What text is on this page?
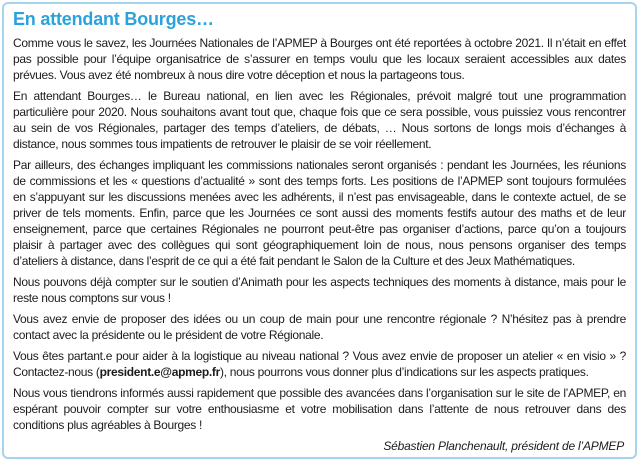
En attendant Bourges…

Comme vous le savez, les Journées Nationales de l’APMEP à Bourges ont été reportées à octobre 2021. Il n’était en effet pas possible pour l’équipe organisatrice de s’assurer en temps voulu que les locaux seraient accessibles aux dates prévues. Vous avez été nombreux à nous dire votre déception et nous la partageons tous.

En attendant Bourges… le Bureau national, en lien avec les Régionales, prévoit malgré tout une programmation particulière pour 2020. Nous souhaitons avant tout que, chaque fois que ce sera possible, vous puissiez vous rencontrer au sein de vos Régionales, partager des temps d’ateliers, de débats, … Nous sortons de longs mois d’échanges à distance, nous sommes tous impatients de retrouver le plaisir de se voir réellement.

Par ailleurs, des échanges impliquant les commissions nationales seront organisés : pendant les Journées, les réunions de commissions et les « questions d’actualité » sont des temps forts. Les positions de l’APMEP sont toujours formulées en s’appuyant sur les discussions menées avec les adhérents, il n’est pas envisageable, dans le contexte actuel, de se priver de tels moments. Enfin, parce que les Journées ce sont aussi des moments festifs autour des maths et de leur enseignement, parce que certaines Régionales ne pourront peut-être pas organiser d’actions, parce qu’on a toujours plaisir à partager avec des collègues qui sont géographiquement loin de nous, nous pensons organiser des temps d’ateliers à distance, dans l’esprit de ce qui a été fait pendant le Salon de la Culture et des Jeux Mathématiques.

Nous pouvons déjà compter sur le soutien d’Animath pour les aspects techniques des moments à distance, mais pour le reste nous comptons sur vous !

Vous avez envie de proposer des idées ou un coup de main pour une rencontre régionale ? N’hésitez pas à prendre contact avec la présidente ou le président de votre Régionale.

Vous êtes partant.e pour aider à la logistique au niveau national ? Vous avez envie de proposer un atelier « en visio » ? Contactez-nous (president.e@apmep.fr), nous pourrons vous donner plus d’indications sur les aspects pratiques.

Nous vous tiendrons informés aussi rapidement que possible des avancées dans l’organisation sur le site de l’APMEP, en espérant pouvoir compter sur votre enthousiasme et votre mobilisation dans l’attente de nous retrouver dans des conditions plus agréables à Bourges !

Sébastien Planchenault, président de l’APMEP
